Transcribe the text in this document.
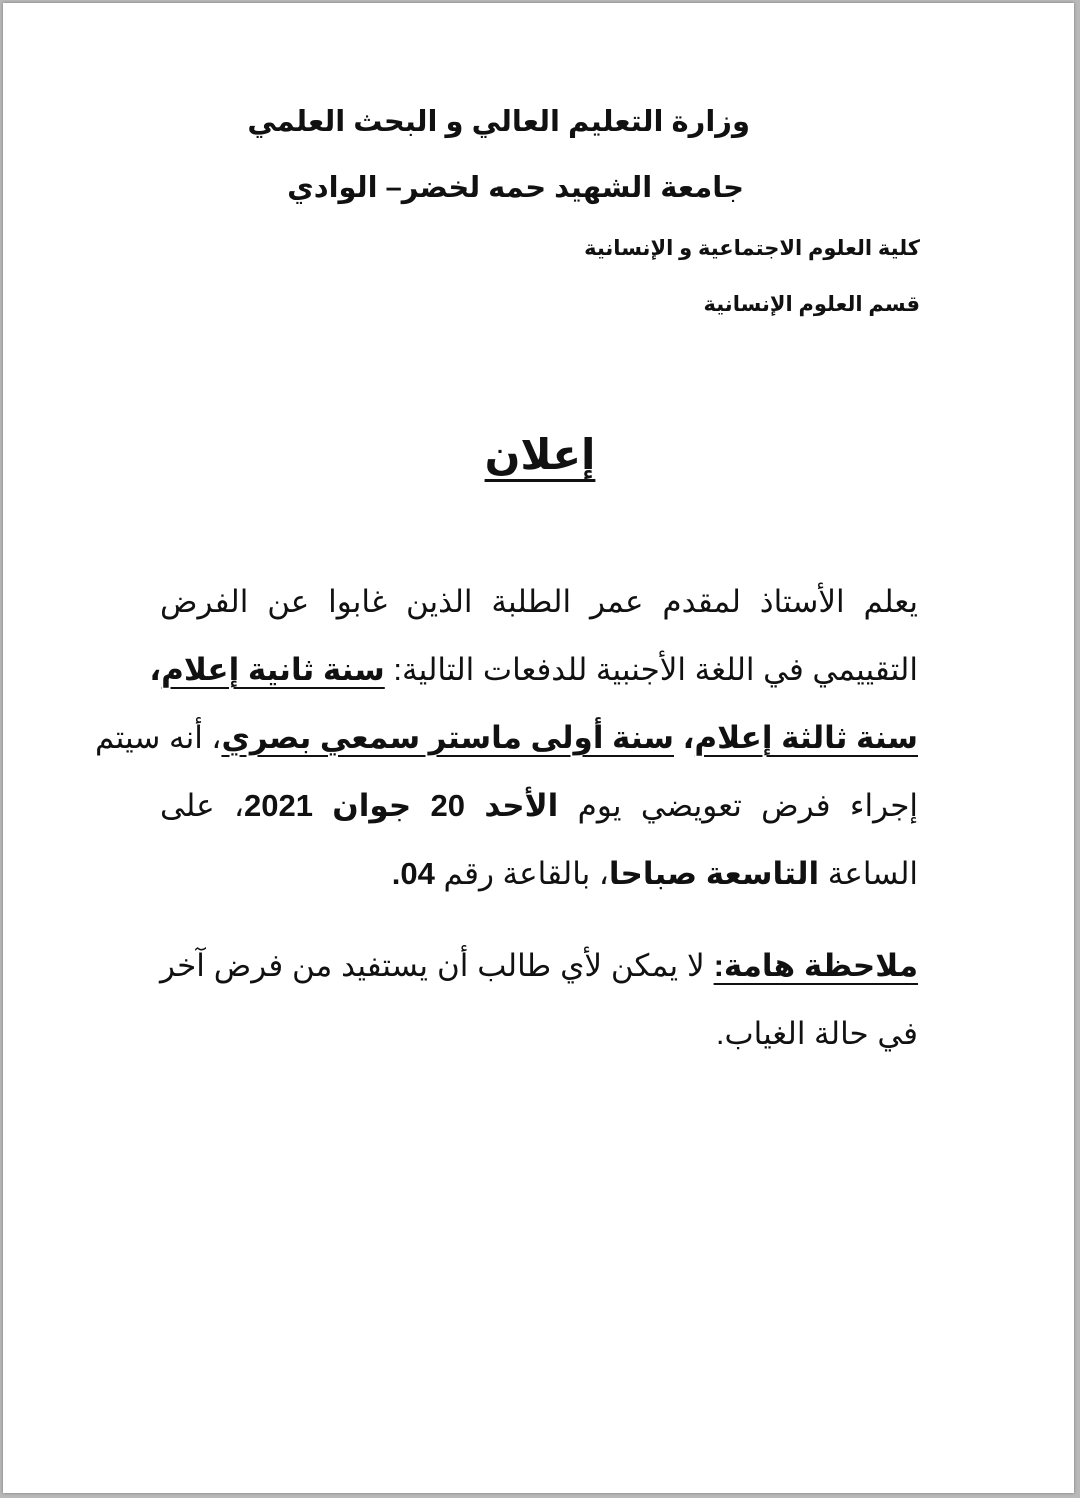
وزارة التعليم العالي و البحث العلمي
جامعة الشهيد حمه لخضر– الوادي
كلية العلوم الاجتماعية و الإنسانية
قسم العلوم الإنسانية
إعلان
يعلم الأستاذ لمقدم عمر الطلبة الذين غابوا عن الفرض
التقييمي في اللغة الأجنبية للدفعات التالية: سنة ثانية إعلام،
سنة ثالثة إعلام، سنة أولى ماستر سمعي بصري، أنه سيتم
إجراء فرض تعويضي يوم الأحد 20 جوان 2021، على
الساعة التاسعة صباحا، بالقاعة رقم 04.
ملاحظة هامة: لا يمكن لأي طالب أن يستفيد من فرض آخر
في حالة الغياب.
